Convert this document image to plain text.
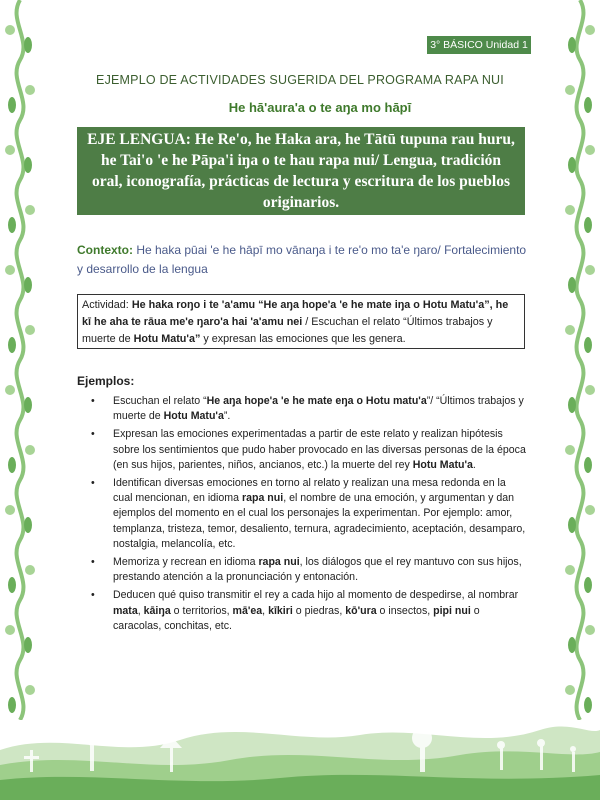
3° BÁSICO Unidad 1
EJEMPLO DE ACTIVIDADES SUGERIDA DEL PROGRAMA RAPA NUI
He hā'aura'a o te aŋa mo hāpī
EJE LENGUA: He Re'o, he Haka ara, he Tātū tupuna rau huru, he Tai'o 'e he Pāpa'i iŋa o te hau rapa nui/ Lengua, tradición oral, iconografía, prácticas de lectura y escritura de los pueblos originarios.
Contexto: He haka pūai 'e he hāpī mo vānaŋa i te re'o mo ta'e ŋaro/ Fortalecimiento y desarrollo de la lengua
Actividad: He haka roŋo i te 'a'amu “He aŋa hope'a 'e he mate iŋa o Hotu Matu'a”, he kī he aha te rāua me'e ŋaro'a hai 'a'amu nei / Escuchan el relato “Últimos trabajos y muerte de Hotu Matu'a” y expresan las emociones que les genera.
Ejemplos:
• Escuchan el relato “He aŋa hope'a 'e he mate eŋa o Hotu matu'a”/ “Últimos trabajos y muerte de Hotu Matu'a”.
• Expresan las emociones experimentadas a partir de este relato y realizan hipótesis sobre los sentimientos que pudo haber provocado en las diversas personas de la época (en sus hijos, parientes, niños, ancianos, etc.) la muerte del rey Hotu Matu'a.
• Identifican diversas emociones en torno al relato y realizan una mesa redonda en la cual mencionan, en idioma rapa nui, el nombre de una emoción, y argumentan y dan ejemplos del momento en el cual los personajes la experimentan. Por ejemplo: amor, templanza, tristeza, temor, desaliento, ternura, agradecimiento, aceptación, desamparo, nostalgia, melancolía, etc.
• Memoriza y recrean en idioma rapa nui, los diálogos que el rey mantuvo con sus hijos, prestando atención a la pronunciación y entonación.
• Deducen qué quiso transmitir el rey a cada hijo al momento de despedirse, al nombrar mata, kāiŋa o territorios, mā'ea, kīkiri o piedras, kō'ura o insectos, pipi nui o caracolas, conchitas, etc.
